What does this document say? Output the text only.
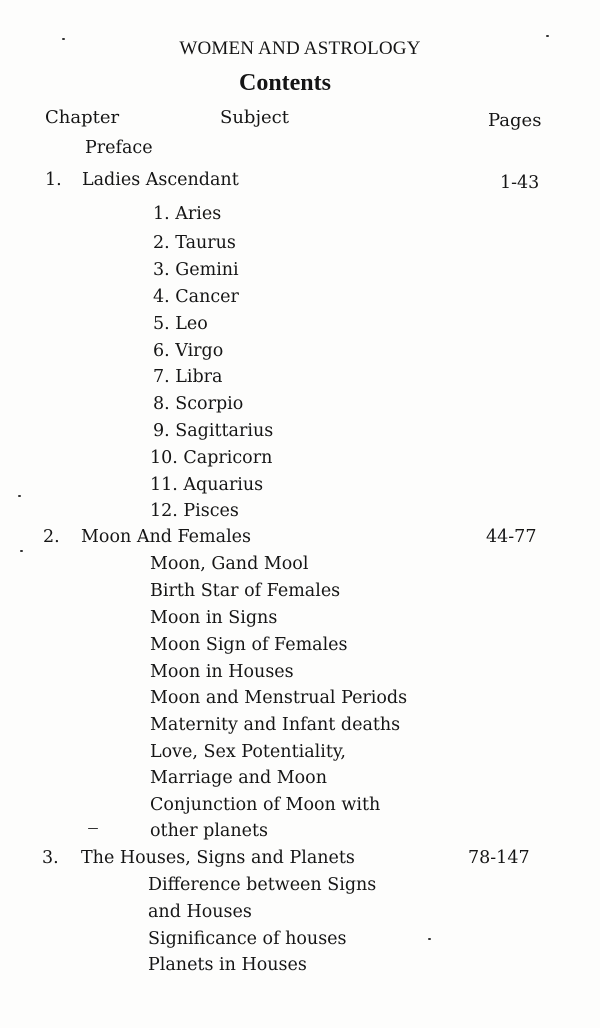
WOMEN AND ASTROLOGY
Contents
Chapter	Subject	Pages
Preface
1. Ladies Ascendant	1-43
1. Aries
2. Taurus
3. Gemini
4. Cancer
5. Leo
6. Virgo
7. Libra
8. Scorpio
9. Sagittarius
10. Capricorn
11. Aquarius
12. Pisces
2. Moon And Females	44-77
Moon, Gand Mool
Birth Star of Females
Moon in Signs
Moon Sign of Females
Moon in Houses
Moon and Menstrual Periods
Maternity and Infant deaths
Love, Sex Potentiality,
Marriage and Moon
Conjunction of Moon with
other planets
3. The Houses, Signs and Planets	78-147
Difference between Signs
and Houses
Significance of houses
Planets in Houses
